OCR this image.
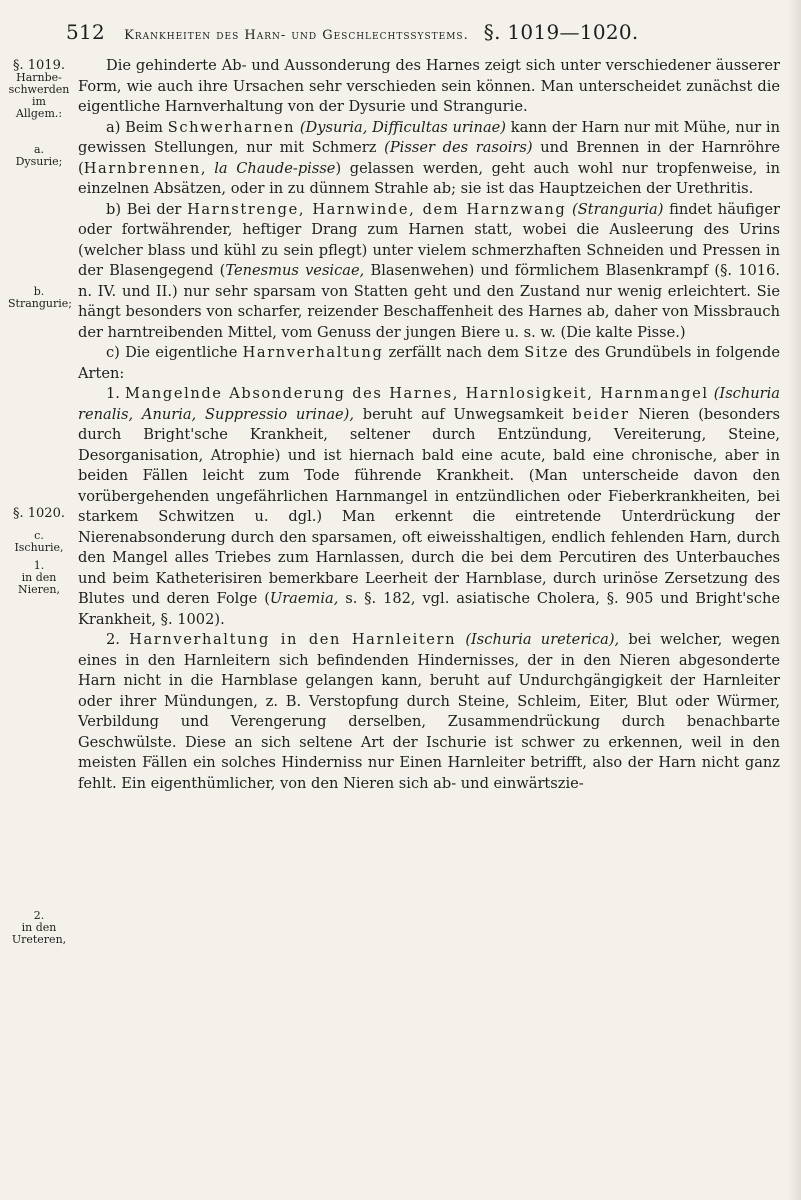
512 Krankheiten des Harn- und Geschlechtssystems. §. 1019—1020.
§. 1019.
Harnbe-
schwerden
im Allgem.:
a.
Dysurie;
b.
Strangurie;
§. 1020.
c.
Ischurie,
1.
in den
Nieren,
2.
in den
Ureteren,

Die gehinderte Ab- und Aussonderung des Harnes zeigt sich unter verschiedener äusserer Form, wie auch ihre Ursachen sehr verschieden sein können. Man unterscheidet zunächst die eigentliche Harnverhaltung von der Dysurie und Strangurie.

a) Beim Schwerharnen (Dysuria, Difficultas urinae) kann der Harn nur mit Mühe, nur in gewissen Stellungen, nur mit Schmerz (Pisser des rasoirs) und Brennen in der Harnröhre (Harnbrennen, la Chaude-pisse) gelassen werden, geht auch wohl nur tropfenweise, in einzelnen Absätzen, oder in zu dünnem Strahle ab; sie ist das Hauptzeichen der Urethritis.

b) Bei der Harnstrenge, Harnwinde, dem Harnzwang (Stranguria) findet häufiger oder fortwährender, heftiger Drang zum Harnen statt, wobei die Ausleerung des Urins (welcher blass und kühl zu sein pflegt) unter vielem schmerzhaften Schneiden und Pressen in der Blasengegend (Tenesmus vesicae, Blasenwehen) und förmlichem Blasenkrampf (§. 1016. n. IV. und II.) nur sehr sparsam von Statten geht und den Zustand nur wenig erleichtert. Sie hängt besonders von scharfer, reizender Beschaffenheit des Harnes ab, daher von Missbrauch der harntreibenden Mittel, vom Genuss der jungen Biere u. s. w. (Die kalte Pisse.)

c) Die eigentliche Harnverhaltung zerfällt nach dem Sitze des Grundübels in folgende Arten:

1. Mangelnde Absonderung des Harnes, Harnlosigkeit, Harnmangel (Ischuria renalis, Anuria, Suppressio urinae), beruht auf Unwegsamkeit beider Nieren (besonders durch Bright'sche Krankheit, seltener durch Entzündung, Vereiterung, Steine, Desorganisation, Atrophie) und ist hiernach bald eine acute, bald eine chronische, aber in beiden Fällen leicht zum Tode führende Krankheit. (Man unterscheide davon den vorübergehenden ungefährlichen Harnmangel in entzündlichen oder Fieberkrankheiten, bei starkem Schwitzen u. dgl.) Man erkennt die eintretende Unterdrückung der Nierenabsonderung durch den sparsamen, oft eiweisshaltigen, endlich fehlenden Harn, durch den Mangel alles Triebes zum Harnlassen, durch die bei dem Percutiren des Unterbauches und beim Katheterisiren bemerkbare Leerheit der Harnblase, durch urinöse Zersetzung des Blutes und deren Folge (Uraemia, s. §. 182, vgl. asiatische Cholera, §. 905 und Bright'sche Krankheit, §. 1002).

2. Harnverhaltung in den Harnleitern (Ischuria ureterica), bei welcher, wegen eines in den Harnleitern sich befindenden Hindernisses, der in den Nieren abgesonderte Harn nicht in die Harnblase gelangen kann, beruht auf Undurchgängigkeit der Harnleiter oder ihrer Mündungen, z. B. Verstopfung durch Steine, Schleim, Eiter, Blut oder Würmer, Verbildung und Verengerung derselben, Zusammendrückung durch benachbarte Geschwülste. Diese an sich seltene Art der Ischurie ist schwer zu erkennen, weil in den meisten Fällen ein solches Hinderniss nur Einen Harnleiter betrifft, also der Harn nicht ganz fehlt. Ein eigenthümlicher, von den Nieren sich ab- und einwärtszie-
